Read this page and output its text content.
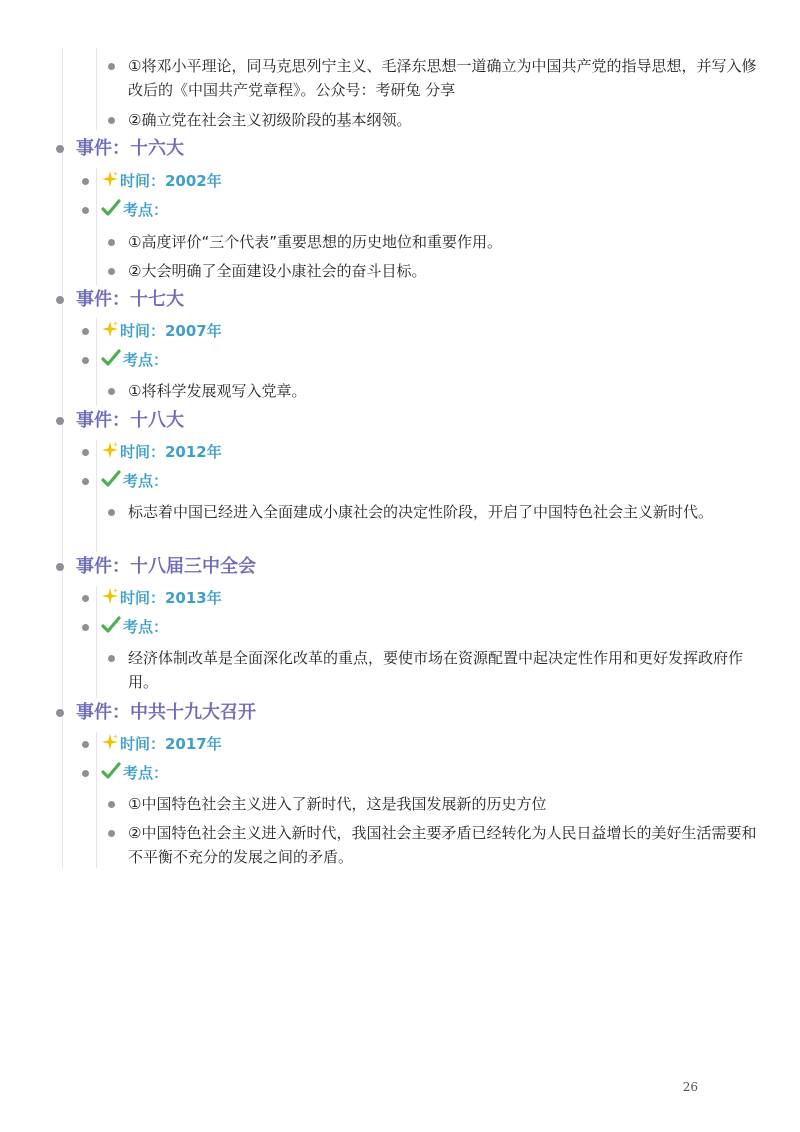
①将邓小平理论，同马克思列宁主义、毛泽东思想一道确立为中国共产党的指导思想，并写入修改后的《中国共产党章程》。公众号：考研兔 分享
②确立党在社会主义初级阶段的基本纲领。
事件：十六大
时间：2002年
考点：
①高度评价“三个代表”重要思想的历史地位和重要作用。
②大会明确了全面建设小康社会的奋斗目标。
事件：十七大
时间：2007年
考点：
①将科学发展观写入党章。
事件：十八大
时间：2012年
考点：
标志着中国已经进入全面建成小康社会的决定性阶段，开启了中国特色社会主义新时代。
事件：十八届三中全会
时间：2013年
考点：
经济体制改革是全面深化改革的重点，要使市场在资源配置中起决定性作用和更好发挥政府作用。
事件：中共十九大召开
时间：2017年
考点：
①中国特色社会主义进入了新时代，这是我国发展新的历史方位
②中国特色社会主义进入新时代，我国社会主要矛盾已经转化为人民日益增长的美好生活需要和不平衡不充分的发展之间的矛盾。
26
